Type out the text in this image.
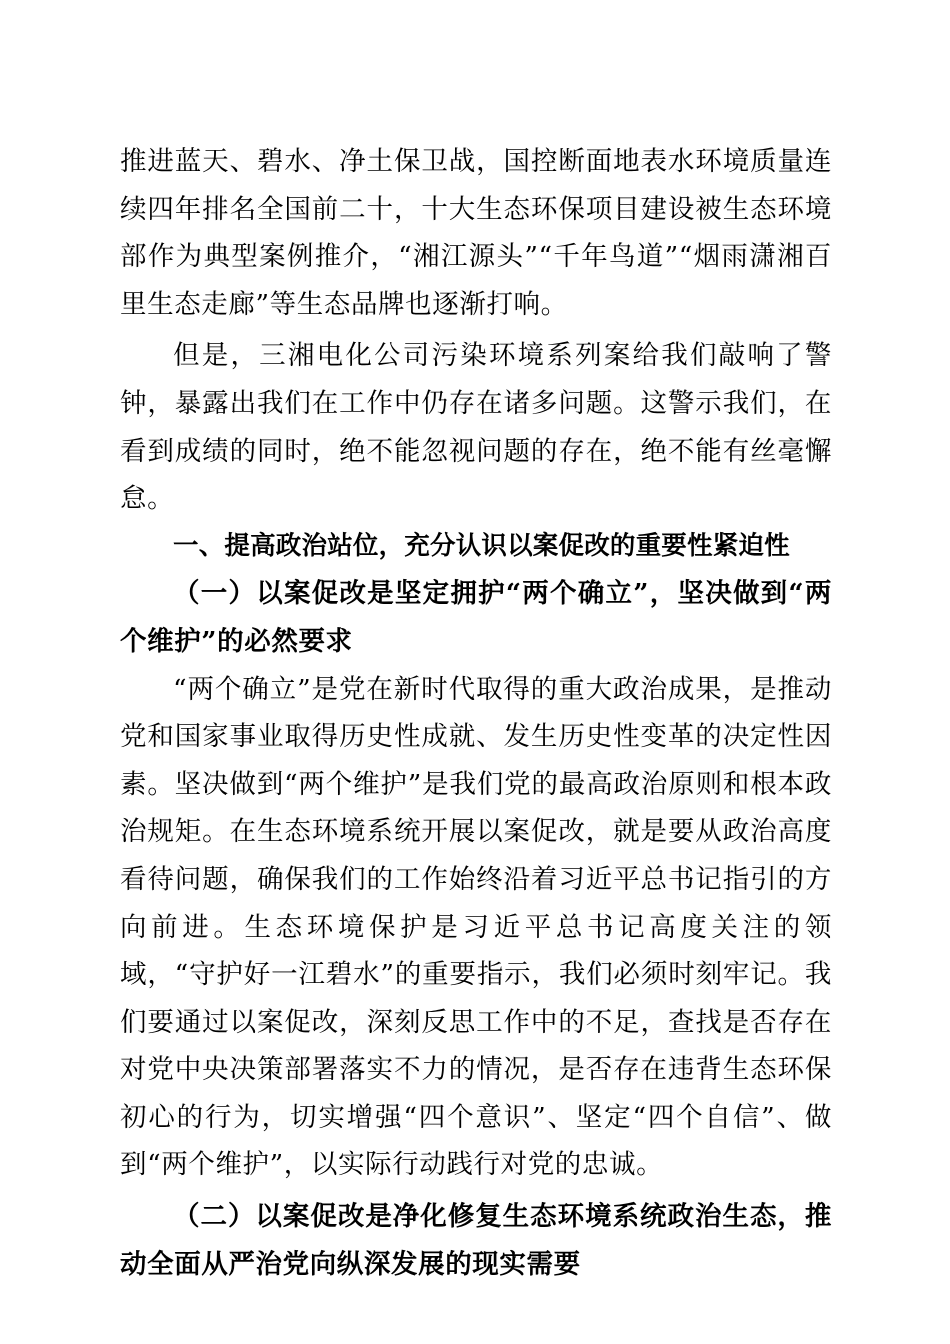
推进蓝天、碧水、净土保卫战，国控断面地表水环境质量连续四年排名全国前二十，十大生态环保项目建设被生态环境部作为典型案例推介，“湘江源头”“千年鸟道”“烟雨潇湘百里生态走廊”等生态品牌也逐渐打响。

但是，三湘电化公司污染环境系列案给我们敲响了警钟，暴露出我们在工作中仍存在诸多问题。这警示我们，在看到成绩的同时，绝不能忽视问题的存在，绝不能有丝毫懈怠。

一、提高政治站位，充分认识以案促改的重要性紧迫性

（一）以案促改是坚定拥护“两个确立”，坚决做到“两个维护”的必然要求

“两个确立”是党在新时代取得的重大政治成果，是推动党和国家事业取得历史性成就、发生历史性变革的决定性因素。坚决做到“两个维护”是我们党的最高政治原则和根本政治规矩。在生态环境系统开展以案促改，就是要从政治高度看待问题，确保我们的工作始终沿着习近平总书记指引的方向前进。生态环境保护是习近平总书记高度关注的领域，“守护好一江碧水”的重要指示，我们必须时刻牢记。我们要通过以案促改，深刻反思工作中的不足，查找是否存在对党中央决策部署落实不力的情况，是否存在违背生态环保初心的行为，切实增强“四个意识”、坚定“四个自信”、做到“两个维护”，以实际行动践行对党的忠诚。

（二）以案促改是净化修复生态环境系统政治生态，推动全面从严治党向纵深发展的现实需要
